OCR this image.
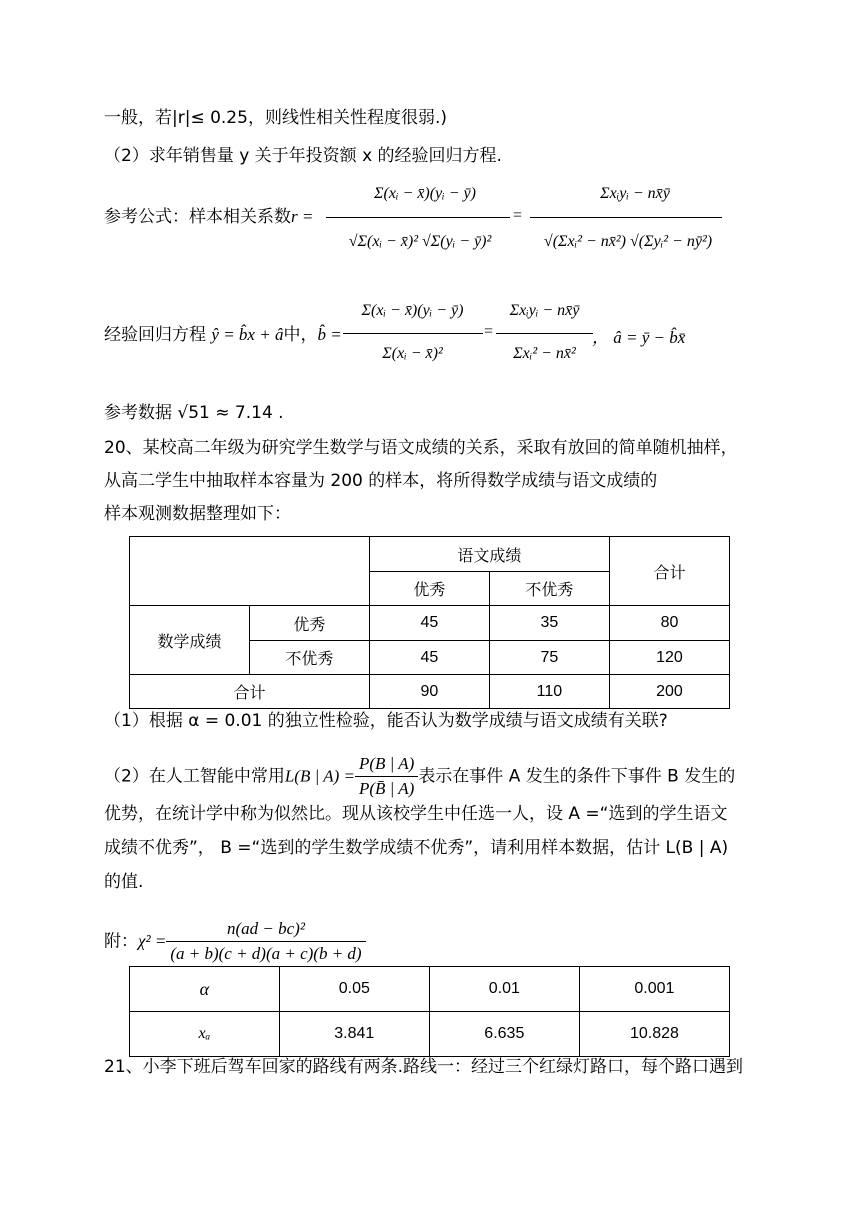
一般，若|r|≤ 0.25，则线性相关性程度很弱.)
（2）求年销售量 y 关于年投资额 x 的经验回归方程.
参考公式：样本相关系数r =
Σ(xᵢ − x̄)(yᵢ − ȳ)
√Σ(xᵢ − x̄)² √Σ(yᵢ − ȳ)²
=
Σxᵢyᵢ − nx̄ȳ
√(Σxᵢ² − nx̄²) √(Σyᵢ² − nȳ²)
经验回归方程 ŷ = b̂x + â中，b̂ =
Σ(xᵢ − x̄)(yᵢ − ȳ)
Σ(xᵢ − x̄)²
=
Σxᵢyᵢ − nx̄ȳ
Σxᵢ² − nx̄²
， â = ȳ − b̂x̄
参考数据 √51 ≈ 7.14 .
20、某校高二年级为研究学生数学与语文成绩的关系，采取有放回的简单随机抽样，
从高二学生中抽取样本容量为 200 的样本，将所得数学成绩与语文成绩的
样本观测数据整理如下：
		语文成绩		合计
		优秀	不优秀	
数学成绩	优秀	45	35	80
	不优秀	45	75	120
合计		90	110	200
（1）根据 α = 0.01 的独立性检验，能否认为数学成绩与语文成绩有关联?
（2）在人工智能中常用L(B | $A) = \frac{P(B | A)}{P(B̄ | A)}$ 表示在事件 A 发生的条件下事件 B 发生的
优势，在统计学中称为似然比。现从该校学生中任选一人，设 A =“选到的学生语文
成绩不优秀”， B =“选到的学生数学成绩不优秀”，请利用样本数据，估计 L(B | A)
的值.
附：$\chi^2 = \frac{\text{n(ad − bc)²}}{(a + b)(c + d)(a + c)(b + d)}$
α	0.05	0.01	0.001
xₐ	3.841	6.635	10.828
21、小李下班后驾车回家的路线有两条.路线一：经过三个红绿灯路口，每个路口遇到
